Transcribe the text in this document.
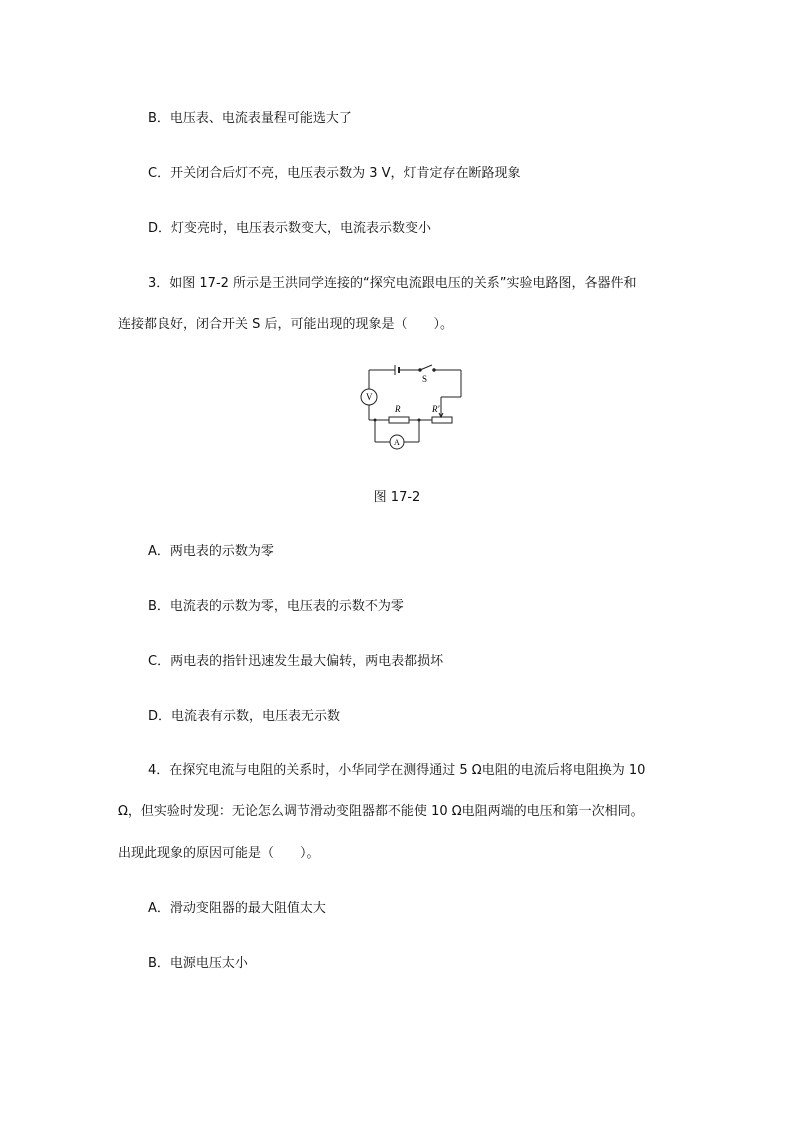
B．电压表、电流表量程可能选大了
C．开关闭合后灯不亮，电压表示数为 3 V，灯肯定存在断路现象
D．灯变亮时，电压表示数变大，电流表示数变小
3．如图 17-2 所示是王洪同学连接的“探究电流跟电压的关系”实验电路图，各器件和
连接都良好，闭合开关 S 后，可能出现的现象是（　　）。
S
V
A
R	R′
图 17-2
A．两电表的示数为零
B．电流表的示数为零，电压表的示数不为零
C．两电表的指针迅速发生最大偏转，两电表都损坏
D．电流表有示数，电压表无示数
4．在探究电流与电阻的关系时，小华同学在测得通过 5 Ω电阻的电流后将电阻换为 10
Ω，但实验时发现：无论怎么调节滑动变阻器都不能使 10 Ω电阻两端的电压和第一次相同。
出现此现象的原因可能是（　　）。
A．滑动变阻器的最大阻值太大
B．电源电压太小
